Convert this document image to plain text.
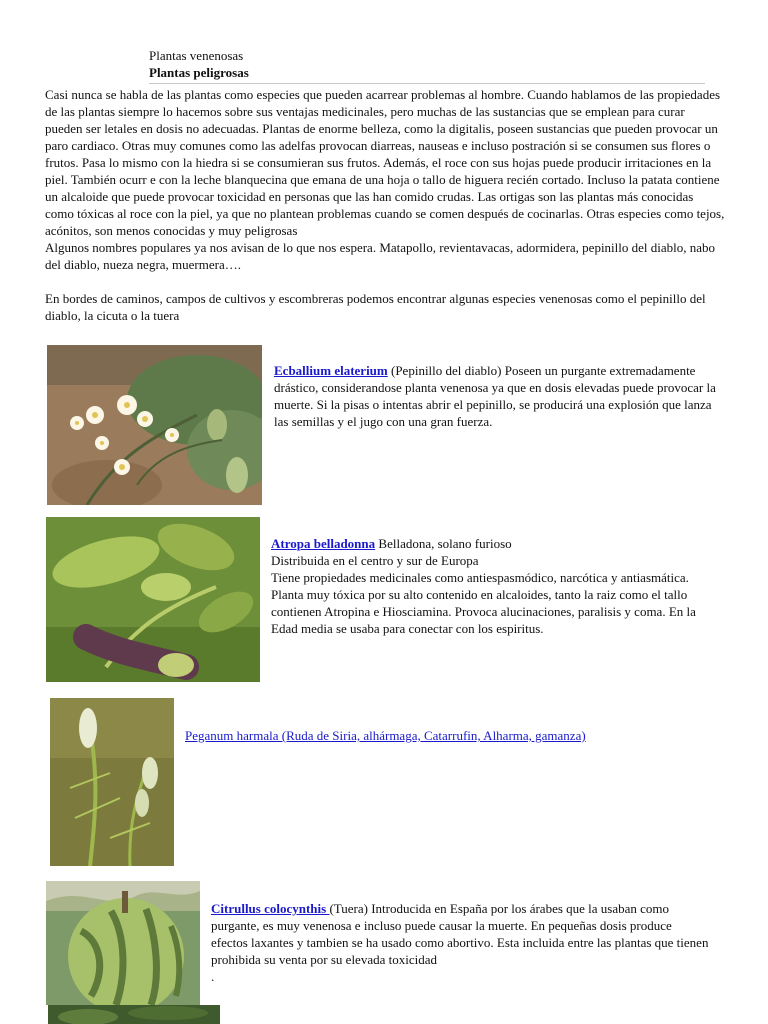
Plantas venenosas
Plantas peligrosas

Casi nunca se habla de las plantas como especies que pueden acarrear problemas al hombre. Cuando hablamos de las propiedades de las plantas siempre lo hacemos sobre sus ventajas medicinales, pero muchas de las sustancias que se emplean para curar pueden ser letales en dosis no adecuadas. Plantas de enorme belleza, como la digitalis, poseen sustancias que pueden provocar un paro cardiaco. Otras muy comunes como las adelfas provocan diarreas, nauseas e incluso postración si se consumen sus flores o frutos. Pasa lo mismo con la hiedra si se consumieran sus frutos. Además, el roce con sus hojas puede producir irritaciones en la piel. También ocurr e con la leche blanquecina que emana de una hoja o tallo de higuera recién cortado. Incluso la patata contiene un alcaloide que puede provocar toxicidad en personas que las han comido crudas. Las ortigas son las plantas más conocidas como tóxicas al roce con la piel, ya que no plantean problemas cuando se comen después de cocinarlas. Otras especies como tejos, acónitos, son menos conocidas y muy peligrosas

Algunos nombres populares ya nos avisan de lo que nos espera. Matapollo, revientavacas, adormidera, pepinillo del diablo, nabo del diablo, nueza negra, muermera….

En bordes de caminos, campos de cultivos y escombreras podemos encontrar algunas especies venenosas como el pepinillo del diablo, la cicuta o la tuera

Ecballium elaterium (Pepinillo del diablo) Poseen un purgante extremadamente drástico, considerandose planta venenosa ya que en dosis elevadas puede provocar la muerte. Si la pisas o intentas abrir el pepinillo, se producirá una explosión que lanza las semillas y el jugo con una gran fuerza.

Atropa belladonna Belladona, solano furioso
Distribuida en el centro y sur de Europa
Tiene propiedades medicinales como antiespasmódico, narcótica y antiasmática. Planta muy tóxica por su alto contenido en alcaloides, tanto la raiz como el tallo contienen Atropina e Hiosciamina. Provoca alucinaciones, paralisis y coma. En la Edad media se usaba para conectar con los espiritus.
Peganum harmala (Ruda de Siria, alhármaga, Catarrufin, Alharma, gamanza)
Citrullus colocynthis (Tuera) Introducida en España por los árabes que la usaban como purgante, es muy venenosa e incluso puede causar la muerte. En pequeñas dosis produce efectos laxantes y tambien se ha usado como abortivo. Esta incluida entre las plantas que tienen prohibida su venta por su elevada toxicidad
.
